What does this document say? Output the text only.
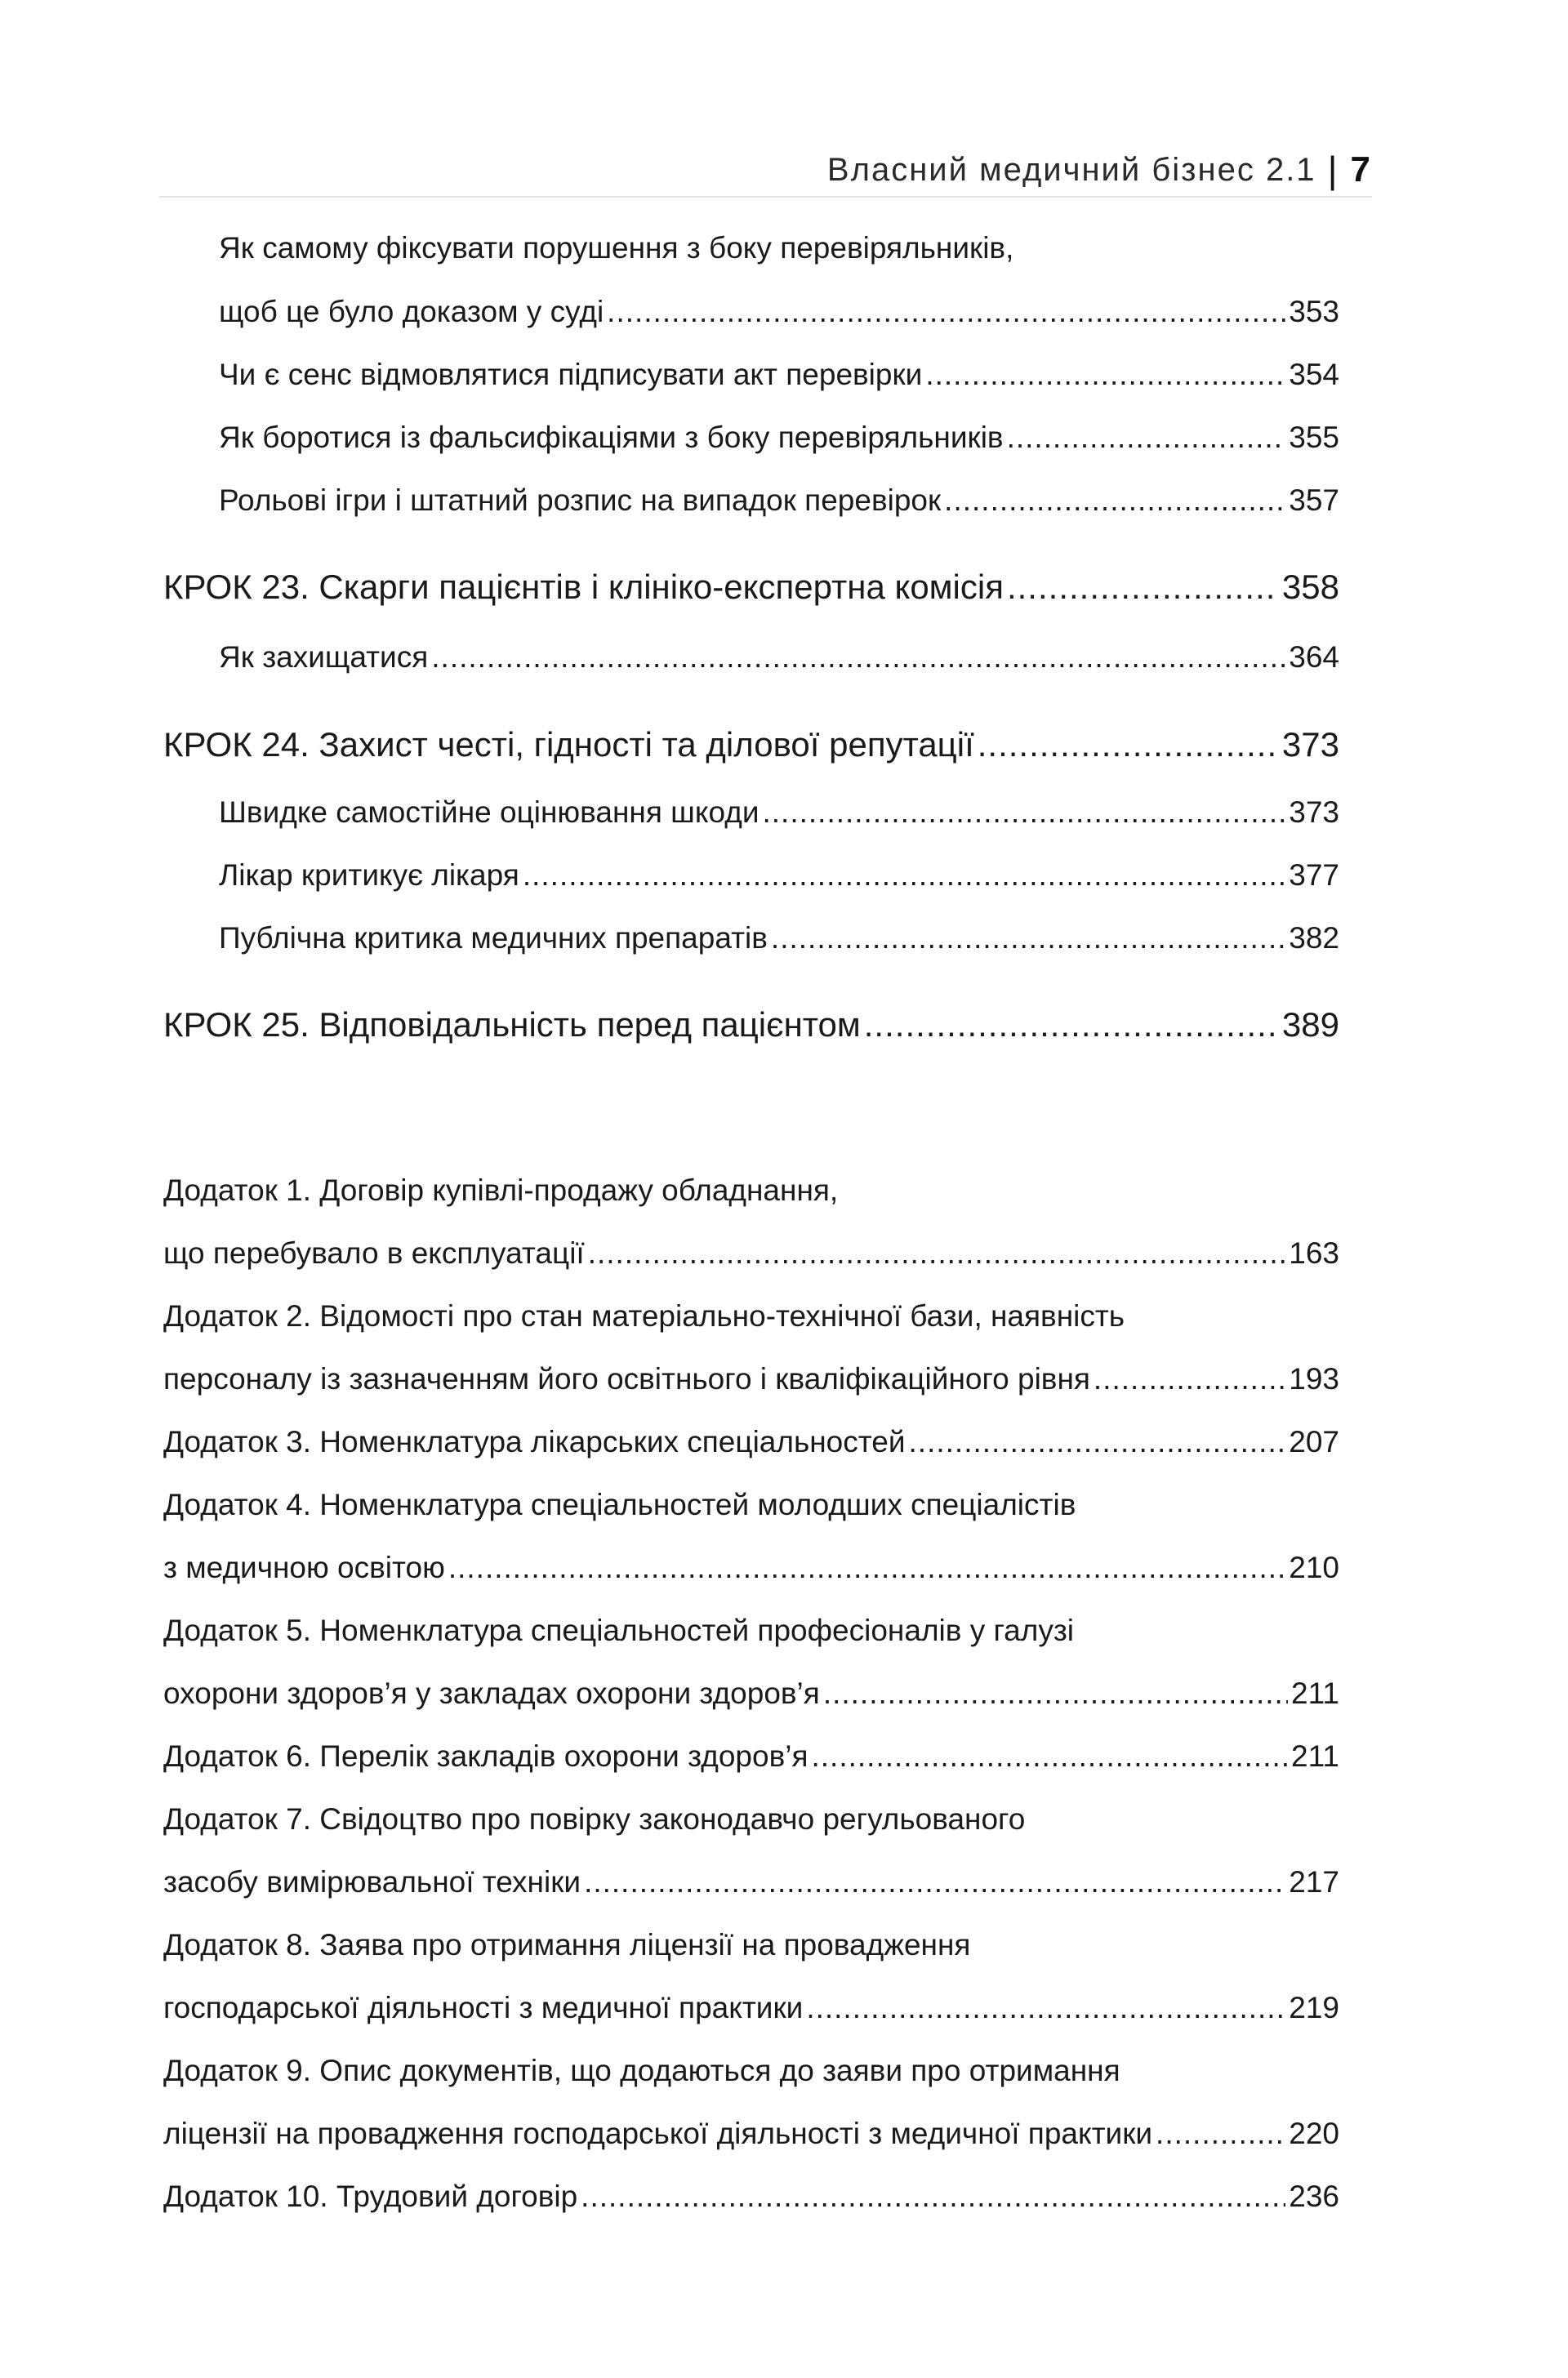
Власний медичний бізнес 2.1 | 7
Як самому фіксувати порушення з боку перевіряльників,
щоб це було доказом у суді .....	353
Чи є сенс відмовлятися підписувати акт перевірки .....	354
Як боротися із фальсифікаціями з боку перевіряльників .....	355
Рольові ігри і штатний розпис на випадок перевірок .....	357
КРОК 23. Скарги пацієнтів і клініко-експертна комісія .....	358
Як захищатися .....	364
КРОК 24. Захист честі, гідності та ділової репутації .....	373
Швидке самостійне оцінювання шкоди .....	373
Лікар критикує лікаря .....	377
Публічна критика медичних препаратів .....	382
КРОК 25. Відповідальність перед пацієнтом .....	389
Додаток 1. Договір купівлі-продажу обладнання,
що перебувало в експлуатації .....	163
Додаток 2. Відомості про стан матеріально-технічної бази, наявність
персоналу із зазначенням його освітнього і кваліфікаційного рівня .....	193
Додаток 3. Номенклатура лікарських спеціальностей .....	207
Додаток 4. Номенклатура спеціальностей молодших спеціалістів
з медичною освітою .....	210
Додаток 5. Номенклатура спеціальностей професіоналів у галузі
охорони здоров’я у закладах охорони здоров’я .....	211
Додаток 6. Перелік закладів охорони здоров’я .....	211
Додаток 7. Свідоцтво про повірку законодавчо регульованого
засобу вимірювальної техніки .....	217
Додаток 8. Заява про отримання ліцензії на провадження
господарської діяльності з медичної практики .....	219
Додаток 9. Опис документів, що додаються до заяви про отримання
ліцензії на провадження господарської діяльності з медичної практики .....	220
Додаток 10. Трудовий договір .....	236
